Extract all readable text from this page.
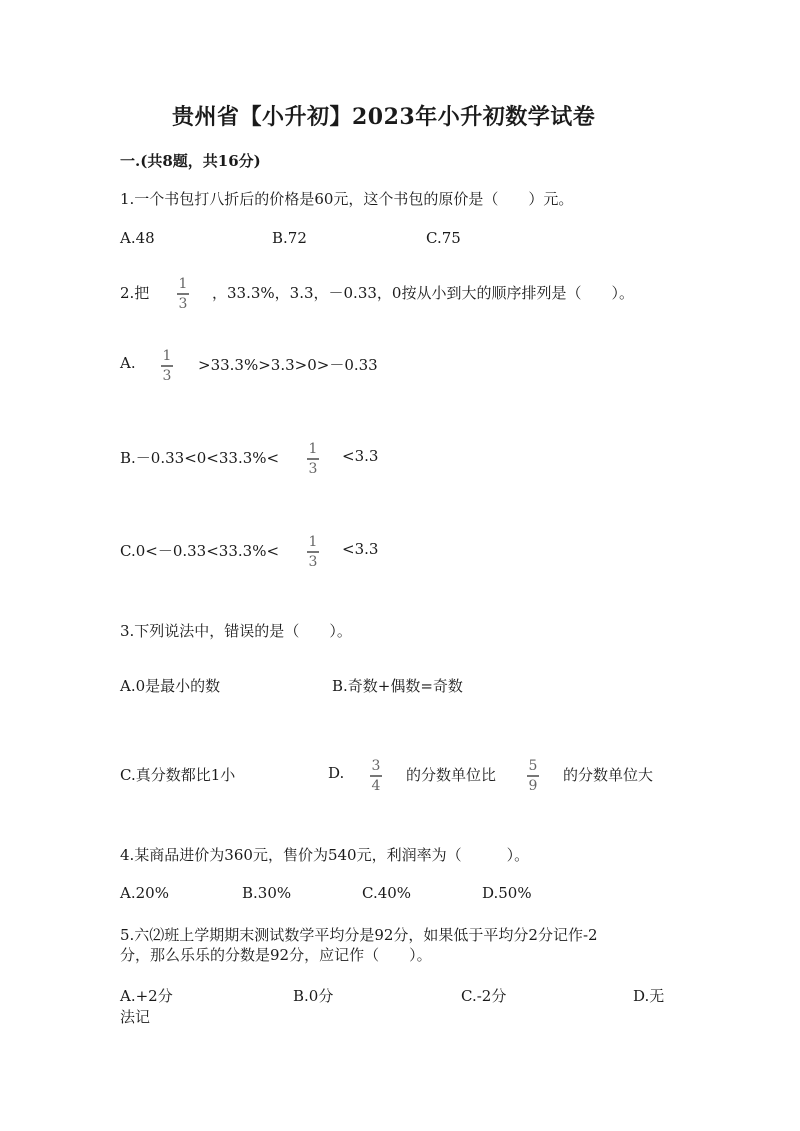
贵州省【小升初】2023年小升初数学试卷
一.(共8题，共16分)
1.一个书包打八折后的价格是60元，这个书包的原价是（　　）元。
A.48	B.72	C.75
2.把 1
3
，33.3%，3.3，－0.33，0按从小到大的顺序排列是（　　）。
A. 1
3
>33.3%>3.3>0>－0.33
B.－0.33<0<33.3%< 1
3
<3.3
C.0<－0.33<33.3%< 1
3
<3.3
3.下列说法中，错误的是（　　）。
A.0是最小的数	B.奇数+偶数=奇数
C.真分数都比1小	D. 3
4
的分数单位比 5
9
的分数单位大
4.某商品进价为360元，售价为540元，利润率为（　　　）。
A.20%	B.30%	C.40%	D.50%
5.六⑵班上学期期末测试数学平均分是92分，如果低于平均分2分记作-2
分，那么乐乐的分数是92分，应记作（　　）。
A.+2分	B.0分	C.-2分	D.无
法记
